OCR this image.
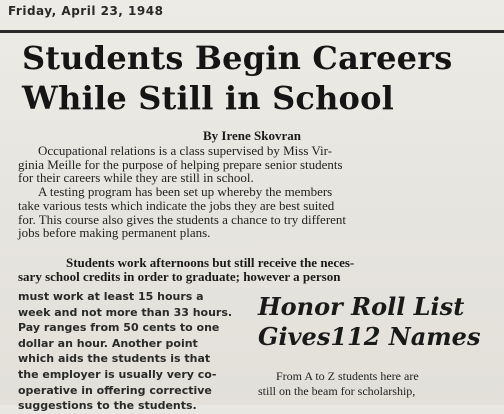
Friday, April 23, 1948
Students Begin Careers
While Still in School
By Irene Skovran

Occupational relations is a class supervised by Miss Vir-
ginia Meille for the purpose of helping prepare senior students
for their careers while they are still in school.

A testing program has been set up whereby the members
take various tests which indicate the jobs they are best suited
for. This course also gives the students a chance to try different
jobs before making permanent plans.

Students work afternoons but still receive the neces-
sary school credits in order to graduate; however a person
must work at least 15 hours a
week and not more than 33 hours.
Pay ranges from 50 cents to one
dollar an hour. Another point
which aids the students is that
the employer is usually very co-
operative in offering corrective
suggestions to the students.
Honor Roll List
Gives112 Names
From A to Z students here are
still on the beam for scholarship,
